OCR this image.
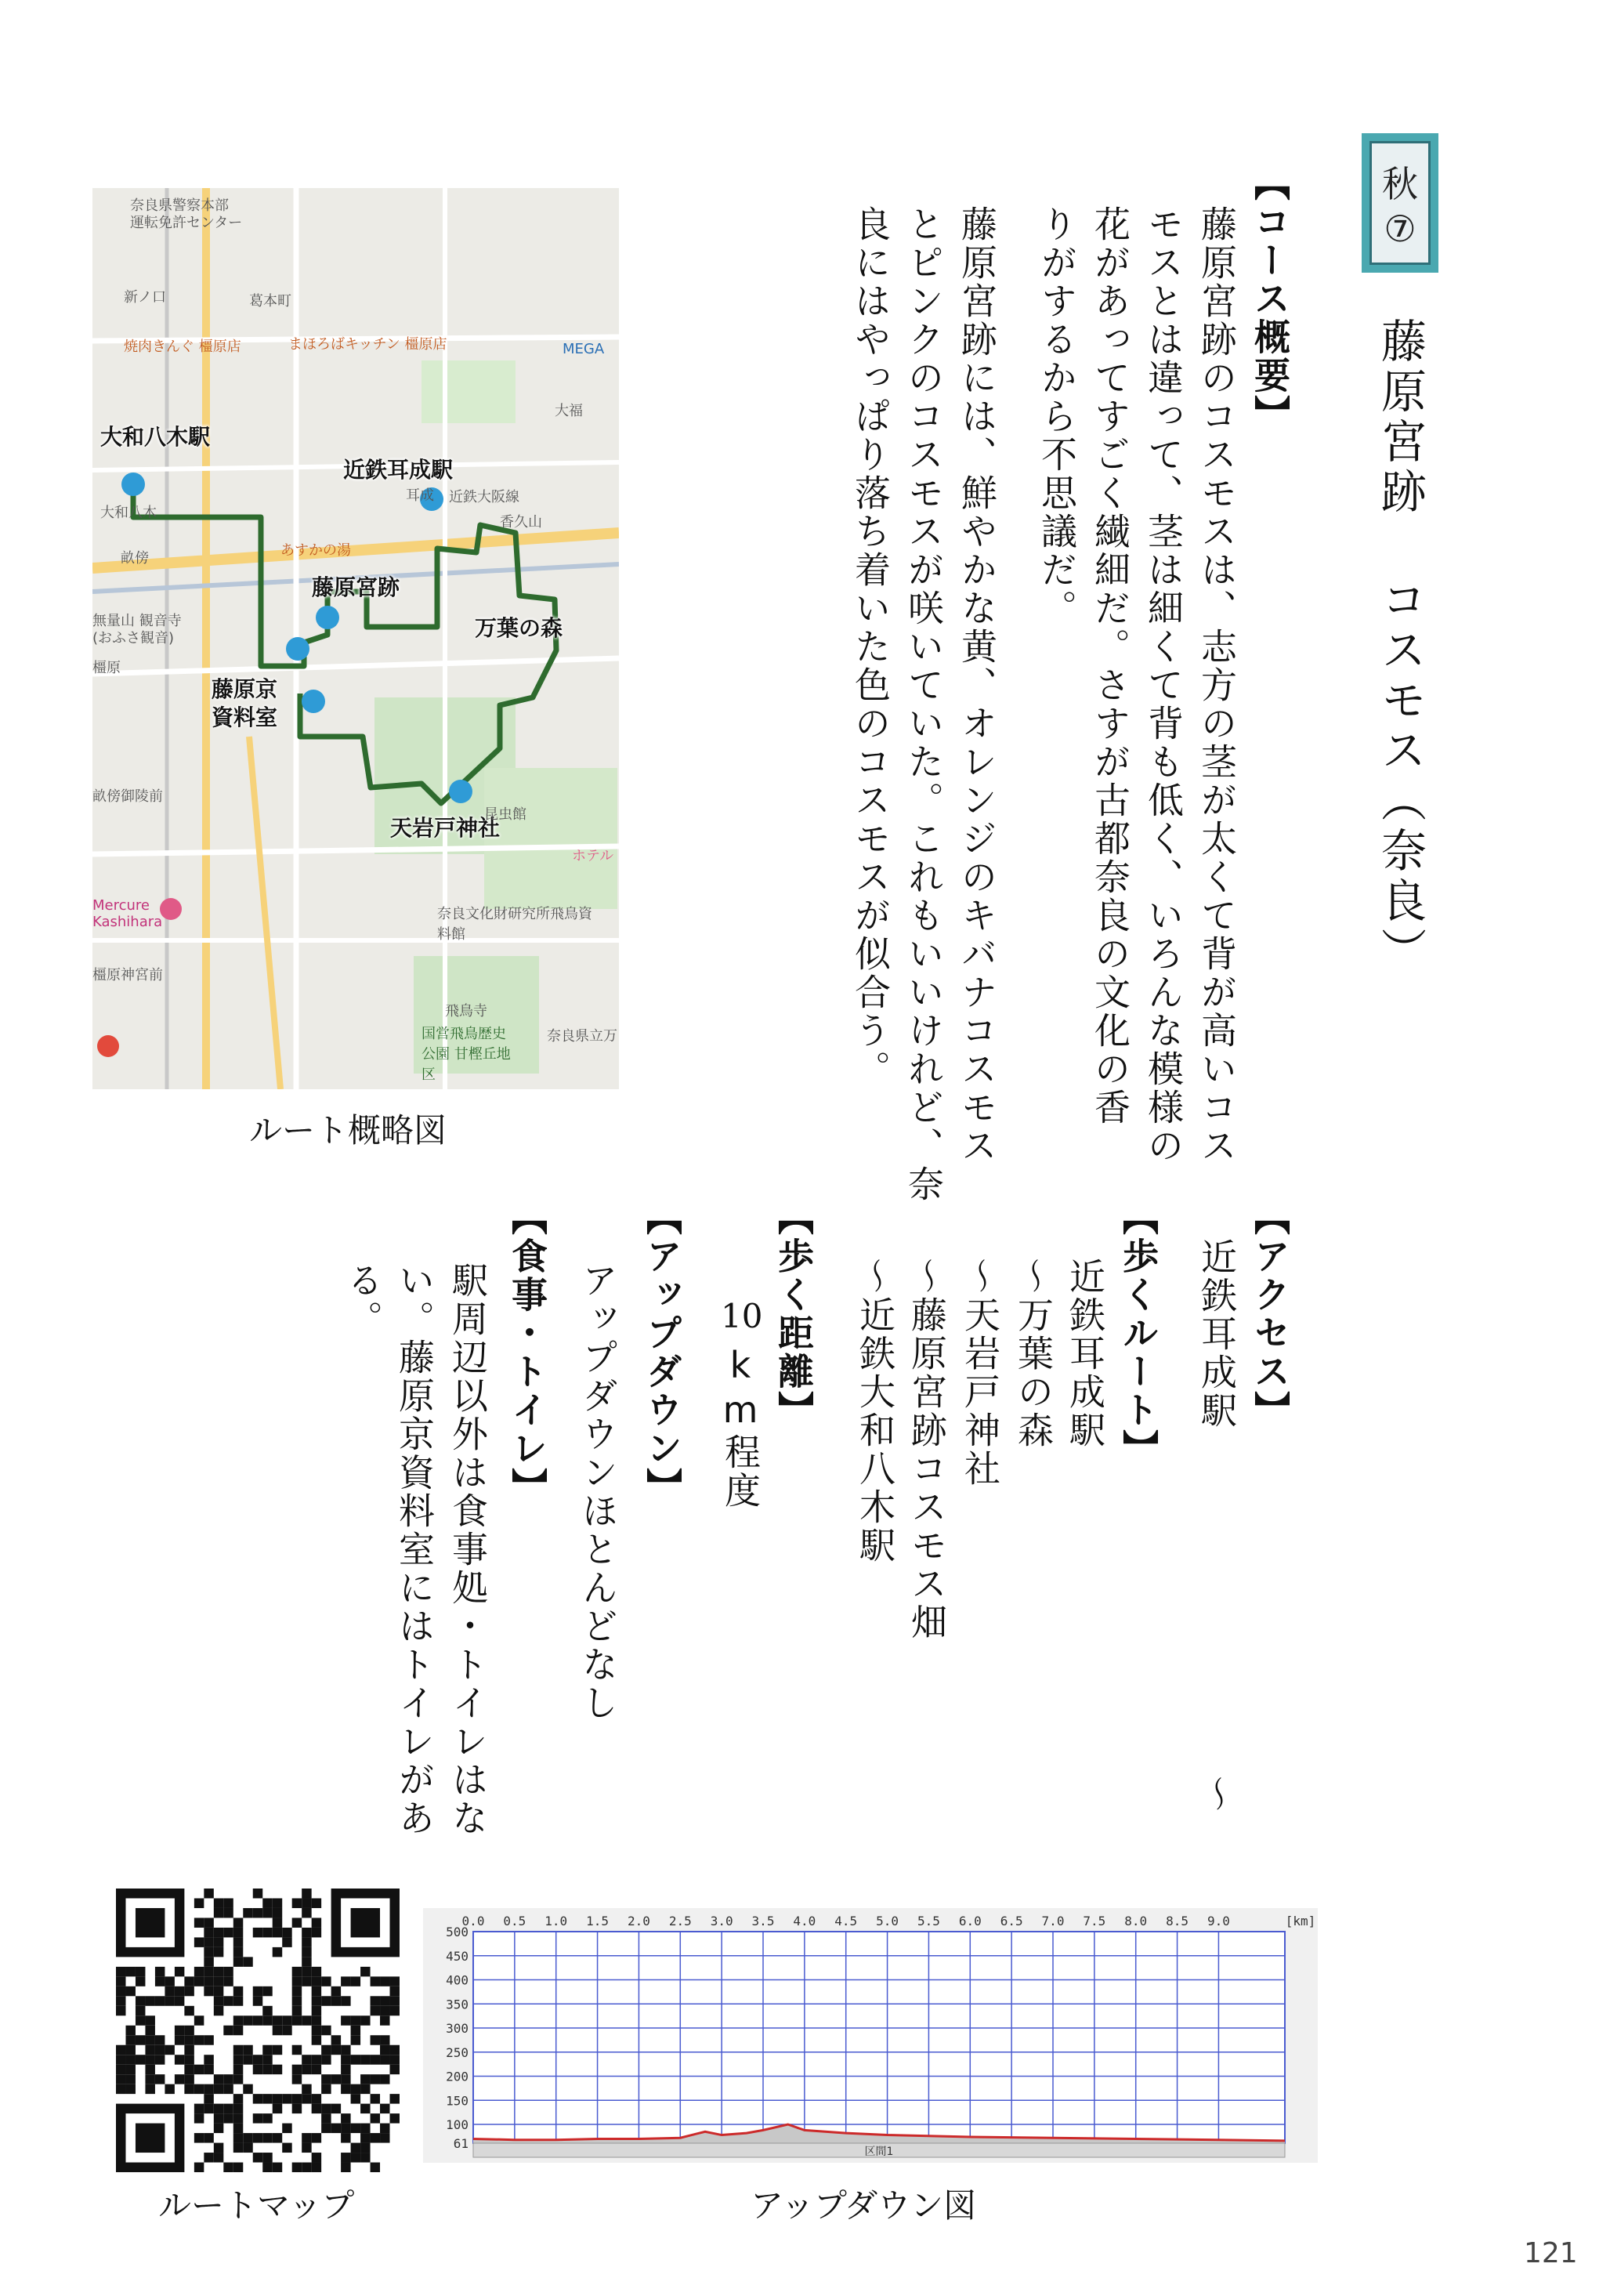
秋
⑦
藤原宮跡 コスモス（奈良）
【コース概要】
藤原宮跡のコスモスは、志方の茎が太くて背が高いコス
モスとは違って、茎は細くて背も低く、いろんな模様の
花があってすごく繊細だ。さすが古都奈良の文化の香
りがするから不思議だ。
藤原宮跡には、鮮やかな黄、オレンジのキバナコスモス
とピンクのコスモスが咲いていた。これもいいけれど、奈
良にはやっぱり落ち着いた色のコスモスが似合う。
【アクセス】
近鉄耳成駅　　　　　　　　　～
【歩くルート】
近鉄耳成駅
～万葉の森
～天岩戸神社
～藤原宮跡コスモス畑
～近鉄大和八木駅
【歩く距離】
10
km程度
【アップダウン】
アップダウンほとんどなし
【食事・トイレ】
駅周辺以外は食事処・トイレはな
い。藤原京資料室にはトイレがあ
る。
大和八木駅
近鉄耳成駅
藤原宮跡
万葉の森
藤原京
資料室
天岩戸神社
奈良県警察本部
運転免許センター
新ノ口	葛本町
焼肉きんぐ 橿原店	まほろばキッチン 橿原店	MEGA
大和八木
耳成 近鉄大阪線
香久山
あすかの湯
大福
無量山 観音寺
(おふさ観音)
畝傍
橿原
畝傍御陵前
奈良文化財研究所飛鳥資料館
飛鳥寺
国営飛鳥歴史公園 甘樫丘地区
奈良県立万
Mercure Kashihara
橿原神宮前
昆虫館
ホテル
ルート概略図
ルートマップ
500
450
400
350
300
250
200
150
100
61
0.0 0.5 1.0 1.5 2.0 2.5 3.0 3.5 4.0 4.5 5.0 5.5 6.0 6.5 7.0 7.5 8.0 8.5 9.0	[km]
区間1
アップダウン図
121
